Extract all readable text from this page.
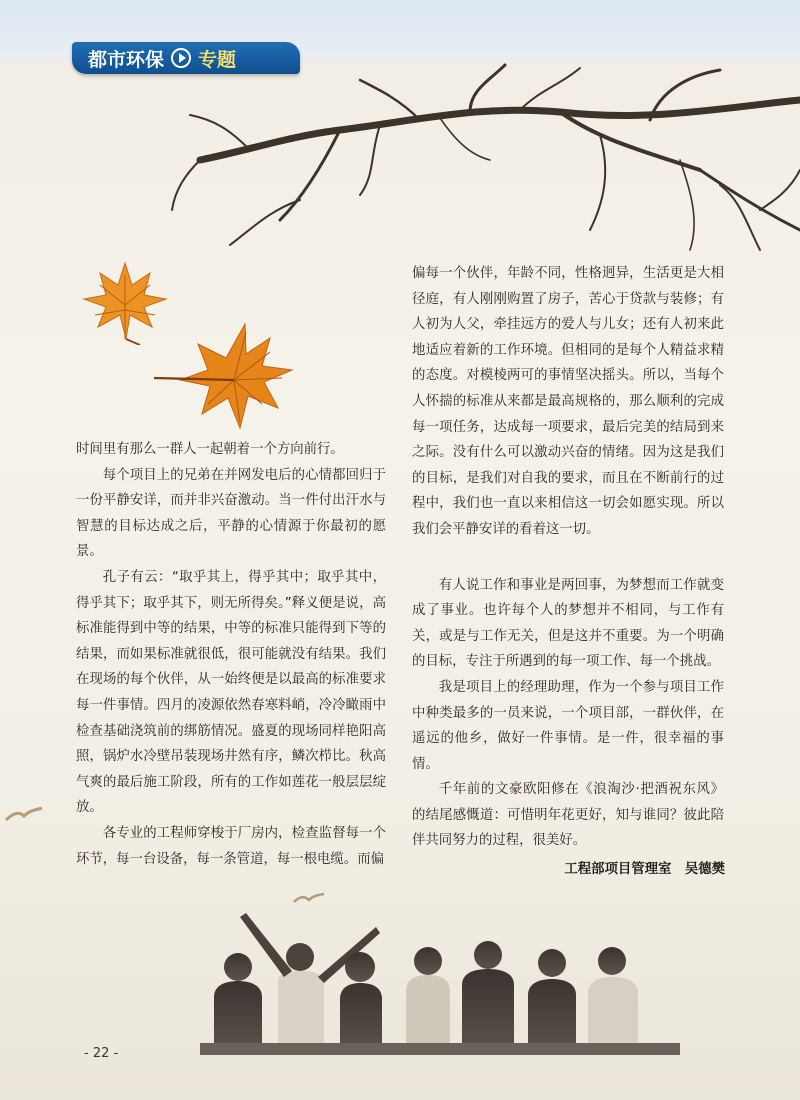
都市环保 专题

时间里有那么一群人一起朝着一个方向前行。

每个项目上的兄弟在并网发电后的心情都回归于一份平静安详，而并非兴奋激动。当一件付出汗水与智慧的目标达成之后，平静的心情源于你最初的愿景。

孔子有云：“取乎其上，得乎其中；取乎其中，得乎其下；取乎其下，则无所得矣。”释义便是说，高标准能得到中等的结果，中等的标准只能得到下等的结果，而如果标准就很低，很可能就没有结果。我们在现场的每个伙伴，从一始终便是以最高的标准要求每一件事情。四月的凌源依然春寒料峭，冷冷瞰雨中检查基础浇筑前的绑筋情况。盛夏的现场同样艳阳高照，锅炉水冷壁吊装现场井然有序，鳞次栉比。秋高气爽的最后施工阶段，所有的工作如莲花一般层层绽放。

各专业的工程师穿梭于厂房内，检查监督每一个环节，每一台设备，每一条管道，每一根电缆。而偏

偏每一个伙伴，年龄不同，性格迥异，生活更是大相径庭，有人刚刚购置了房子，苦心于贷款与装修；有人初为人父，牵挂远方的爱人与儿女；还有人初来此地适应着新的工作环境。但相同的是每个人精益求精的态度。对模棱两可的事情坚决摇头。所以，当每个人怀揣的标准从来都是最高规格的，那么顺利的完成每一项任务，达成每一项要求，最后完美的结局到来之际。没有什么可以激动兴奋的情绪。因为这是我们的目标，是我们对自我的要求，而且在不断前行的过程中，我们也一直以来相信这一切会如愿实现。所以我们会平静安详的看着这一切。

有人说工作和事业是两回事，为梦想而工作就变成了事业。也许每个人的梦想并不相同，与工作有关，或是与工作无关，但是这并不重要。为一个明确的目标，专注于所遇到的每一项工作、每一个挑战。

我是项目上的经理助理，作为一个参与项目工作中种类最多的一员来说，一个项目部，一群伙伴，在遥远的他乡，做好一件事情。是一件，很幸福的事情。

千年前的文豪欧阳修在《浪淘沙·把酒祝东风》的结尾感慨道：可惜明年花更好，知与谁同？彼此陪伴共同努力的过程，很美好。

工程部项目管理室　吴德樊
- 22 -
